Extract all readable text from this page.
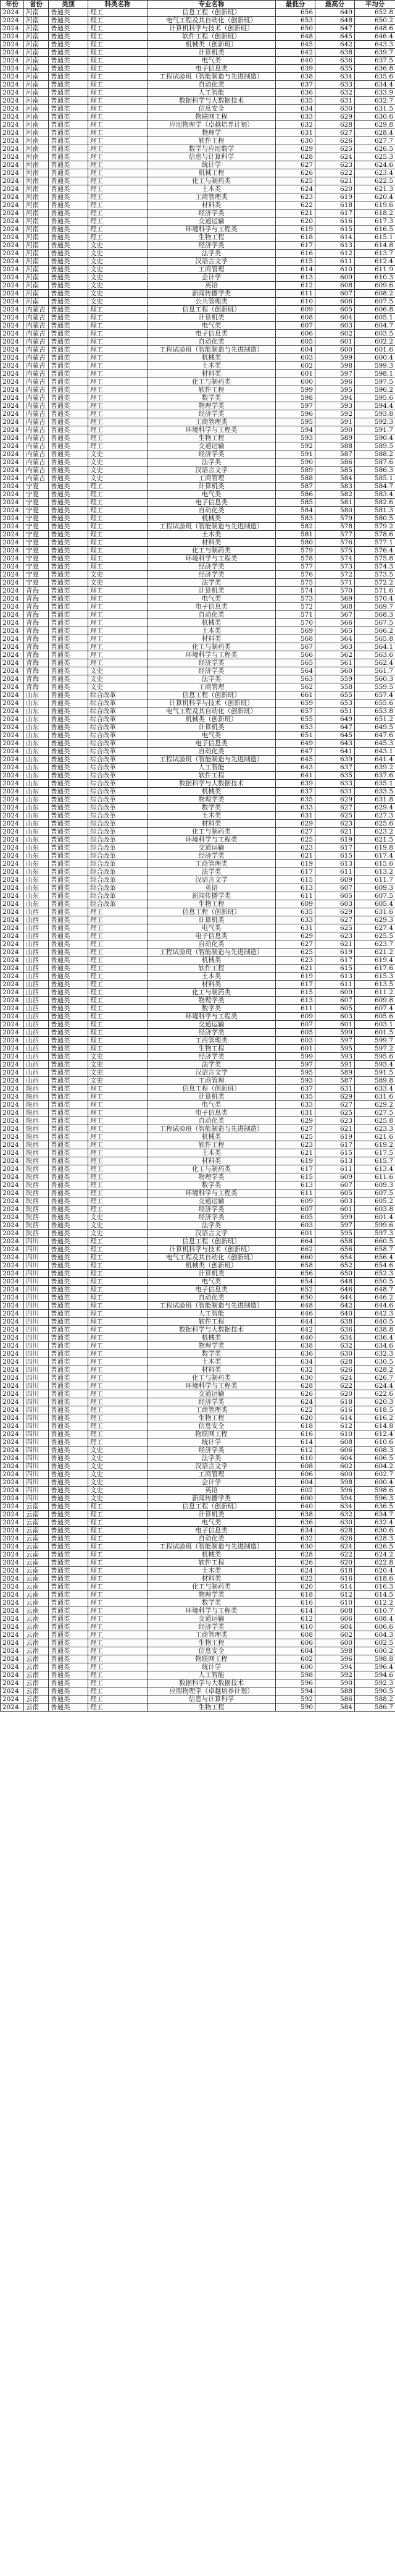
年份	省份	类别	科类名称	专业名称	最低分	最高分	平均分
2024	河南	普通类	理工	信息工程（创新班）	656	649	652.8
2024	河南	普通类	理工	电气工程及其自动化（创新班）	653	648	650.2
2024	河南	普通类	理工	计算机科学与技术（创新班）	650	647	648.6
2024	河南	普通类	理工	软件工程（创新班）	648	645	646.4
2024	河南	普通类	理工	机械类（创新班）	645	642	643.3
2024	河南	普通类	理工	计算机类	642	638	639.7
2024	河南	普通类	理工	电气类	640	636	637.5
2024	河南	普通类	理工	电子信息类	639	635	636.8
2024	河南	普通类	理工	工程试验班（智能制造与先进制造）	638	634	635.6
2024	河南	普通类	理工	自动化类	637	633	634.4
2024	河南	普通类	理工	人工智能	636	632	633.9
2024	河南	普通类	理工	数据科学与大数据技术	635	631	632.7
2024	河南	普通类	理工	信息安全	634	630	631.5
2024	河南	普通类	理工	物联网工程	633	629	630.6
2024	河南	普通类	理工	应用物理学（卓越培养计划）	632	628	629.8
2024	河南	普通类	理工	物理学	631	627	628.4
2024	河南	普通类	理工	软件工程	630	626	627.7
2024	河南	普通类	理工	数学与应用数学	629	625	626.5
2024	河南	普通类	理工	信息与计算科学	628	624	625.3
2024	河南	普通类	理工	统计学	627	623	624.6
2024	河南	普通类	理工	机械工程	626	622	623.4
2024	河南	普通类	理工	化工与制药类	625	621	622.5
2024	河南	普通类	理工	土木类	624	620	621.3
2024	河南	普通类	理工	工商管理类	623	619	620.4
2024	河南	普通类	理工	材料类	622	618	619.6
2024	河南	普通类	理工	经济学类	621	617	618.2
2024	河南	普通类	理工	交通运输	620	616	617.3
2024	河南	普通类	理工	环境科学与工程类	619	615	616.5
2024	河南	普通类	理工	生物工程	618	614	615.1
2024	河南	普通类	文史	经济学类	617	613	614.8
2024	河南	普通类	文史	法学类	616	612	613.7
2024	河南	普通类	文史	汉语言文学	615	611	612.4
2024	河南	普通类	文史	工商管理	614	610	611.9
2024	河南	普通类	文史	会计学	613	609	610.3
2024	河南	普通类	文史	英语	612	608	609.6
2024	河南	普通类	文史	新闻传播学类	611	607	608.2
2024	河南	普通类	文史	公共管理类	610	606	607.5
2024	内蒙古	普通类	理工	信息工程（创新班）	609	605	606.8
2024	内蒙古	普通类	理工	计算机类	608	604	605.1
2024	内蒙古	普通类	理工	电气类	607	603	604.7
2024	内蒙古	普通类	理工	电子信息类	606	602	603.5
2024	内蒙古	普通类	理工	自动化类	605	601	602.2
2024	内蒙古	普通类	理工	工程试验班（智能制造与先进制造）	604	600	601.6
2024	内蒙古	普通类	理工	机械类	603	599	600.4
2024	内蒙古	普通类	理工	土木类	602	598	599.3
2024	内蒙古	普通类	理工	材料类	601	597	598.1
2024	内蒙古	普通类	理工	化工与制药类	600	596	597.5
2024	内蒙古	普通类	理工	软件工程	599	595	596.2
2024	内蒙古	普通类	理工	数学类	598	594	595.6
2024	内蒙古	普通类	理工	物理学类	597	593	594.4
2024	内蒙古	普通类	理工	经济学类	596	592	593.8
2024	内蒙古	普通类	理工	工商管理类	595	591	592.3
2024	内蒙古	普通类	理工	环境科学与工程类	594	590	591.7
2024	内蒙古	普通类	理工	生物工程	593	589	590.4
2024	内蒙古	普通类	理工	交通运输	592	588	589.5
2024	内蒙古	普通类	文史	经济学类	591	587	588.2
2024	内蒙古	普通类	文史	法学类	590	586	587.6
2024	内蒙古	普通类	文史	汉语言文学	589	585	586.3
2024	内蒙古	普通类	文史	工商管理	588	584	585.1
2024	宁夏	普通类	理工	计算机类	587	583	584.7
2024	宁夏	普通类	理工	电气类	586	582	583.4
2024	宁夏	普通类	理工	电子信息类	585	581	582.6
2024	宁夏	普通类	理工	自动化类	584	580	581.3
2024	宁夏	普通类	理工	机械类	583	579	580.5
2024	宁夏	普通类	理工	工程试验班（智能制造与先进制造）	582	578	579.2
2024	宁夏	普通类	理工	土木类	581	577	578.6
2024	宁夏	普通类	理工	材料类	580	576	577.1
2024	宁夏	普通类	理工	化工与制药类	579	575	576.4
2024	宁夏	普通类	理工	环境科学与工程类	578	574	575.8
2024	宁夏	普通类	理工	经济学类	577	573	574.3
2024	宁夏	普通类	文史	经济学类	576	572	573.5
2024	宁夏	普通类	文史	法学类	575	571	572.2
2024	青海	普通类	理工	计算机类	574	570	571.6
2024	青海	普通类	理工	电气类	573	569	570.4
2024	青海	普通类	理工	电子信息类	572	568	569.7
2024	青海	普通类	理工	自动化类	571	567	568.3
2024	青海	普通类	理工	机械类	570	566	567.5
2024	青海	普通类	理工	土木类	569	565	566.2
2024	青海	普通类	理工	材料类	568	564	565.8
2024	青海	普通类	理工	化工与制药类	567	563	564.1
2024	青海	普通类	理工	环境科学与工程类	566	562	563.6
2024	青海	普通类	理工	经济学类	565	561	562.4
2024	青海	普通类	文史	经济学类	564	560	561.7
2024	青海	普通类	文史	法学类	563	559	560.3
2024	青海	普通类	文史	工商管理	562	558	559.5
2024	山东	普通类	综合改革	信息工程（创新班）	661	655	657.4
2024	山东	普通类	综合改革	计算机科学与技术（创新班）	659	653	655.6
2024	山东	普通类	综合改革	电气工程及其自动化（创新班）	657	651	653.8
2024	山东	普通类	综合改革	机械类（创新班）	655	649	651.2
2024	山东	普通类	综合改革	计算机类	653	647	649.5
2024	山东	普通类	综合改革	电气类	651	645	647.6
2024	山东	普通类	综合改革	电子信息类	649	643	645.3
2024	山东	普通类	综合改革	自动化类	647	641	643.1
2024	山东	普通类	综合改革	工程试验班（智能制造与先进制造）	645	639	641.4
2024	山东	普通类	综合改革	人工智能	643	637	639.2
2024	山东	普通类	综合改革	软件工程	641	635	637.6
2024	山东	普通类	综合改革	数据科学与大数据技术	639	633	635.1
2024	山东	普通类	综合改革	机械类	637	631	633.5
2024	山东	普通类	综合改革	物理学类	635	629	631.8
2024	山东	普通类	综合改革	数学类	633	627	629.4
2024	山东	普通类	综合改革	土木类	631	625	627.3
2024	山东	普通类	综合改革	材料类	629	623	625.6
2024	山东	普通类	综合改革	化工与制药类	627	621	623.2
2024	山东	普通类	综合改革	环境科学与工程类	625	619	621.5
2024	山东	普通类	综合改革	交通运输	623	617	619.8
2024	山东	普通类	综合改革	经济学类	621	615	617.4
2024	山东	普通类	综合改革	工商管理类	619	613	615.6
2024	山东	普通类	综合改革	法学类	617	611	613.2
2024	山东	普通类	综合改革	汉语言文学	615	609	611.7
2024	山东	普通类	综合改革	英语	613	607	609.3
2024	山东	普通类	综合改革	新闻传播学类	611	605	607.5
2024	山东	普通类	综合改革	生物工程	609	603	605.4
2024	山西	普通类	理工	信息工程（创新班）	635	629	631.6
2024	山西	普通类	理工	计算机类	633	627	629.3
2024	山西	普通类	理工	电气类	631	625	627.4
2024	山西	普通类	理工	电子信息类	629	623	625.5
2024	山西	普通类	理工	自动化类	627	621	623.7
2024	山西	普通类	理工	工程试验班（智能制造与先进制造）	625	619	621.2
2024	山西	普通类	理工	机械类	623	617	619.4
2024	山西	普通类	理工	软件工程	621	615	617.6
2024	山西	普通类	理工	土木类	619	613	615.3
2024	山西	普通类	理工	材料类	617	611	613.5
2024	山西	普通类	理工	化工与制药类	615	609	611.2
2024	山西	普通类	理工	物理学类	613	607	609.8
2024	山西	普通类	理工	数学类	611	605	607.4
2024	山西	普通类	理工	环境科学与工程类	609	603	605.6
2024	山西	普通类	理工	交通运输	607	601	603.1
2024	山西	普通类	理工	经济学类	605	599	601.5
2024	山西	普通类	理工	工商管理类	603	597	599.7
2024	山西	普通类	理工	生物工程	601	595	597.2
2024	山西	普通类	文史	经济学类	599	593	595.6
2024	山西	普通类	文史	法学类	597	591	593.4
2024	山西	普通类	文史	汉语言文学	595	589	591.5
2024	山西	普通类	文史	工商管理	593	587	589.8
2024	陕西	普通类	理工	信息工程（创新班）	637	631	633.4
2024	陕西	普通类	理工	计算机类	635	629	631.6
2024	陕西	普通类	理工	电气类	633	627	629.2
2024	陕西	普通类	理工	电子信息类	631	625	627.5
2024	陕西	普通类	理工	自动化类	629	623	625.8
2024	陕西	普通类	理工	工程试验班（智能制造与先进制造）	627	621	623.3
2024	陕西	普通类	理工	机械类	625	619	621.6
2024	陕西	普通类	理工	软件工程	623	617	619.2
2024	陕西	普通类	理工	土木类	621	615	617.5
2024	陕西	普通类	理工	材料类	619	613	615.7
2024	陕西	普通类	理工	化工与制药类	617	611	613.4
2024	陕西	普通类	理工	物理学类	615	609	611.6
2024	陕西	普通类	理工	数学类	613	607	609.3
2024	陕西	普通类	理工	环境科学与工程类	611	605	607.5
2024	陕西	普通类	理工	交通运输	609	603	605.2
2024	陕西	普通类	理工	经济学类	607	601	603.8
2024	陕西	普通类	文史	经济学类	605	599	601.4
2024	陕西	普通类	文史	法学类	603	597	599.6
2024	陕西	普通类	文史	汉语言文学	601	595	597.3
2024	四川	普通类	理工	信息工程（创新班）	664	658	660.5
2024	四川	普通类	理工	计算机科学与技术（创新班）	662	656	658.7
2024	四川	普通类	理工	电气工程及其自动化（创新班）	660	654	656.4
2024	四川	普通类	理工	机械类（创新班）	658	652	654.6
2024	四川	普通类	理工	计算机类	656	650	652.3
2024	四川	普通类	理工	电气类	654	648	650.5
2024	四川	普通类	理工	电子信息类	652	646	648.7
2024	四川	普通类	理工	自动化类	650	644	646.2
2024	四川	普通类	理工	工程试验班（智能制造与先进制造）	648	642	644.6
2024	四川	普通类	理工	人工智能	646	640	642.3
2024	四川	普通类	理工	软件工程	644	638	640.5
2024	四川	普通类	理工	数据科学与大数据技术	642	636	638.8
2024	四川	普通类	理工	机械类	640	634	636.4
2024	四川	普通类	理工	物理学类	638	632	634.6
2024	四川	普通类	理工	数学类	636	630	632.3
2024	四川	普通类	理工	土木类	634	628	630.5
2024	四川	普通类	理工	材料类	632	626	628.2
2024	四川	普通类	理工	化工与制药类	630	624	626.7
2024	四川	普通类	理工	环境科学与工程类	628	622	624.4
2024	四川	普通类	理工	交通运输	626	620	622.6
2024	四川	普通类	理工	经济学类	624	618	620.3
2024	四川	普通类	理工	工商管理类	622	616	618.5
2024	四川	普通类	理工	生物工程	620	614	616.2
2024	四川	普通类	理工	信息安全	618	612	614.8
2024	四川	普通类	理工	物联网工程	616	610	612.4
2024	四川	普通类	理工	统计学	614	608	610.6
2024	四川	普通类	文史	经济学类	612	606	608.3
2024	四川	普通类	文史	法学类	610	604	606.5
2024	四川	普通类	文史	汉语言文学	608	602	604.2
2024	四川	普通类	文史	工商管理	606	600	602.7
2024	四川	普通类	文史	会计学	604	598	600.4
2024	四川	普通类	文史	英语	602	596	598.6
2024	四川	普通类	文史	新闻传播学类	600	594	596.3
2024	云南	普通类	理工	信息工程（创新班）	640	634	636.5
2024	云南	普通类	理工	计算机类	638	632	634.7
2024	云南	普通类	理工	电气类	636	630	632.4
2024	云南	普通类	理工	电子信息类	634	628	630.6
2024	云南	普通类	理工	自动化类	632	626	628.3
2024	云南	普通类	理工	工程试验班（智能制造与先进制造）	630	624	626.5
2024	云南	普通类	理工	机械类	628	622	624.2
2024	云南	普通类	理工	软件工程	626	620	622.8
2024	云南	普通类	理工	土木类	624	618	620.4
2024	云南	普通类	理工	材料类	622	616	618.6
2024	云南	普通类	理工	化工与制药类	620	614	616.3
2024	云南	普通类	理工	物理学类	618	612	614.5
2024	云南	普通类	理工	数学类	616	610	612.2
2024	云南	普通类	理工	环境科学与工程类	614	608	610.7
2024	云南	普通类	理工	交通运输	612	606	608.4
2024	云南	普通类	理工	经济学类	610	604	606.6
2024	云南	普通类	理工	工商管理类	608	602	604.3
2024	云南	普通类	理工	生物工程	606	600	602.5
2024	云南	普通类	理工	信息安全	604	598	600.2
2024	云南	普通类	理工	物联网工程	602	596	598.8
2024	云南	普通类	理工	统计学	600	594	596.4
2024	云南	普通类	理工	人工智能	598	592	594.6
2024	云南	普通类	理工	数据科学与大数据技术	596	590	592.3
2024	云南	普通类	理工	应用物理学（卓越培养计划）	594	588	590.5
2024	云南	普通类	理工	信息与计算科学	592	586	588.2
2024	云南	普通类	理工	生物工程	590	584	586.7
